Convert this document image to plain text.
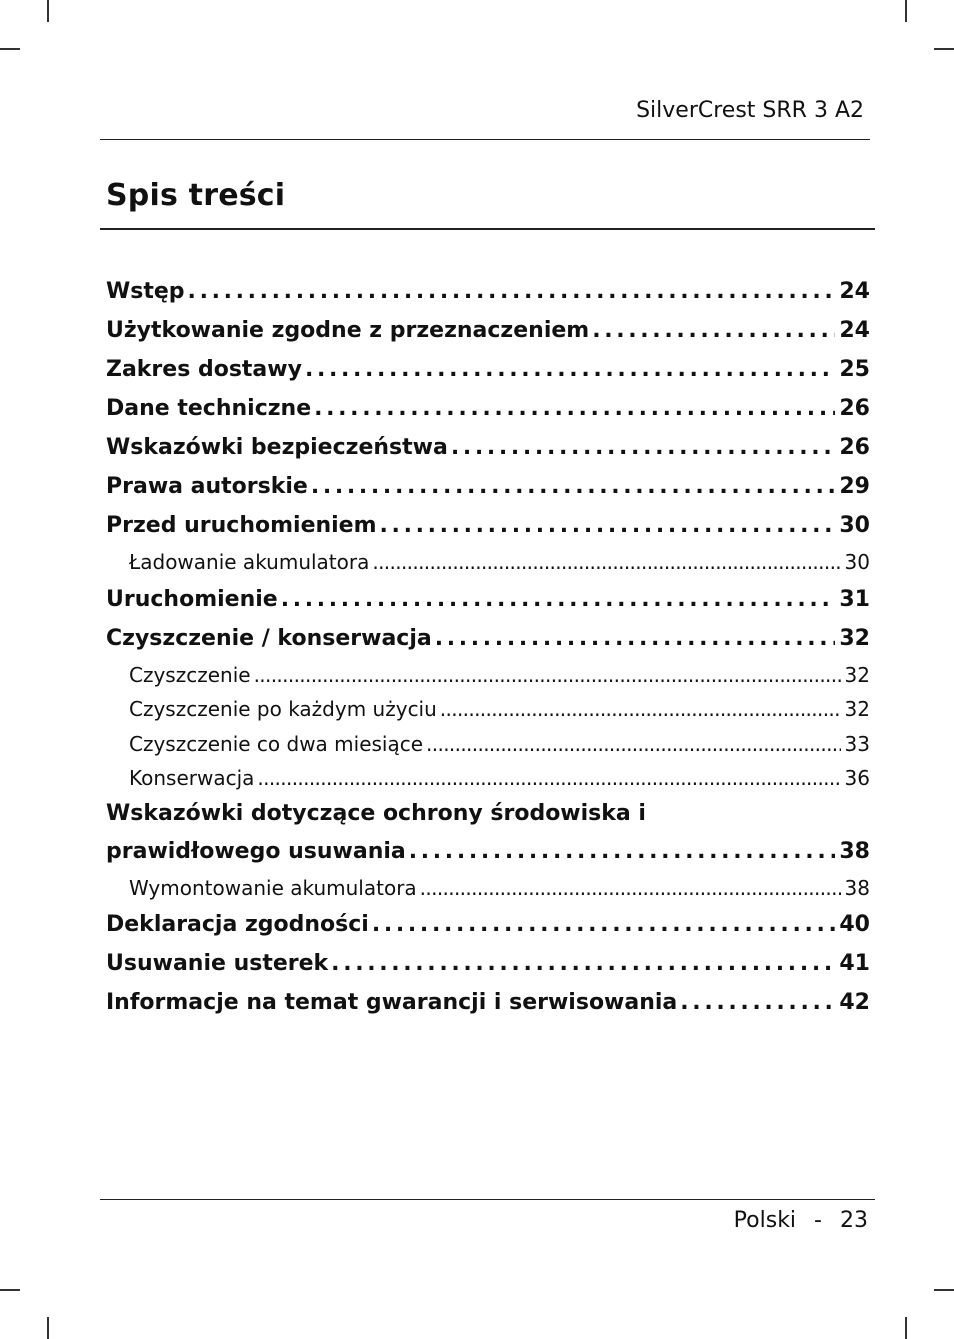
SilverCrest SRR 3 A2
Spis treści
Wstęp . . .	24
Użytkowanie zgodne z przeznaczeniem . . .	24
Zakres dostawy . . .	25
Dane techniczne . . .	26
Wskazówki bezpieczeństwa . . .	26
Prawa autorskie . . .	29
Przed uruchomieniem . . .	30
Ładowanie akumulatora . . .	30
Uruchomienie . . .	31
Czyszczenie / konserwacja . . .	32
Czyszczenie . . .	32
Czyszczenie po każdym użyciu . . .	32
Czyszczenie co dwa miesiące . . .	33
Konserwacja . . .	36
Wskazówki dotyczące ochrony środowiska i
prawidłowego usuwania . . .	38
Wymontowanie akumulatora . . .	38
Deklaracja zgodności . . .	40
Usuwanie usterek . . .	41
Informacje na temat gwarancji i serwisowania . . .	42
Polski - 23
